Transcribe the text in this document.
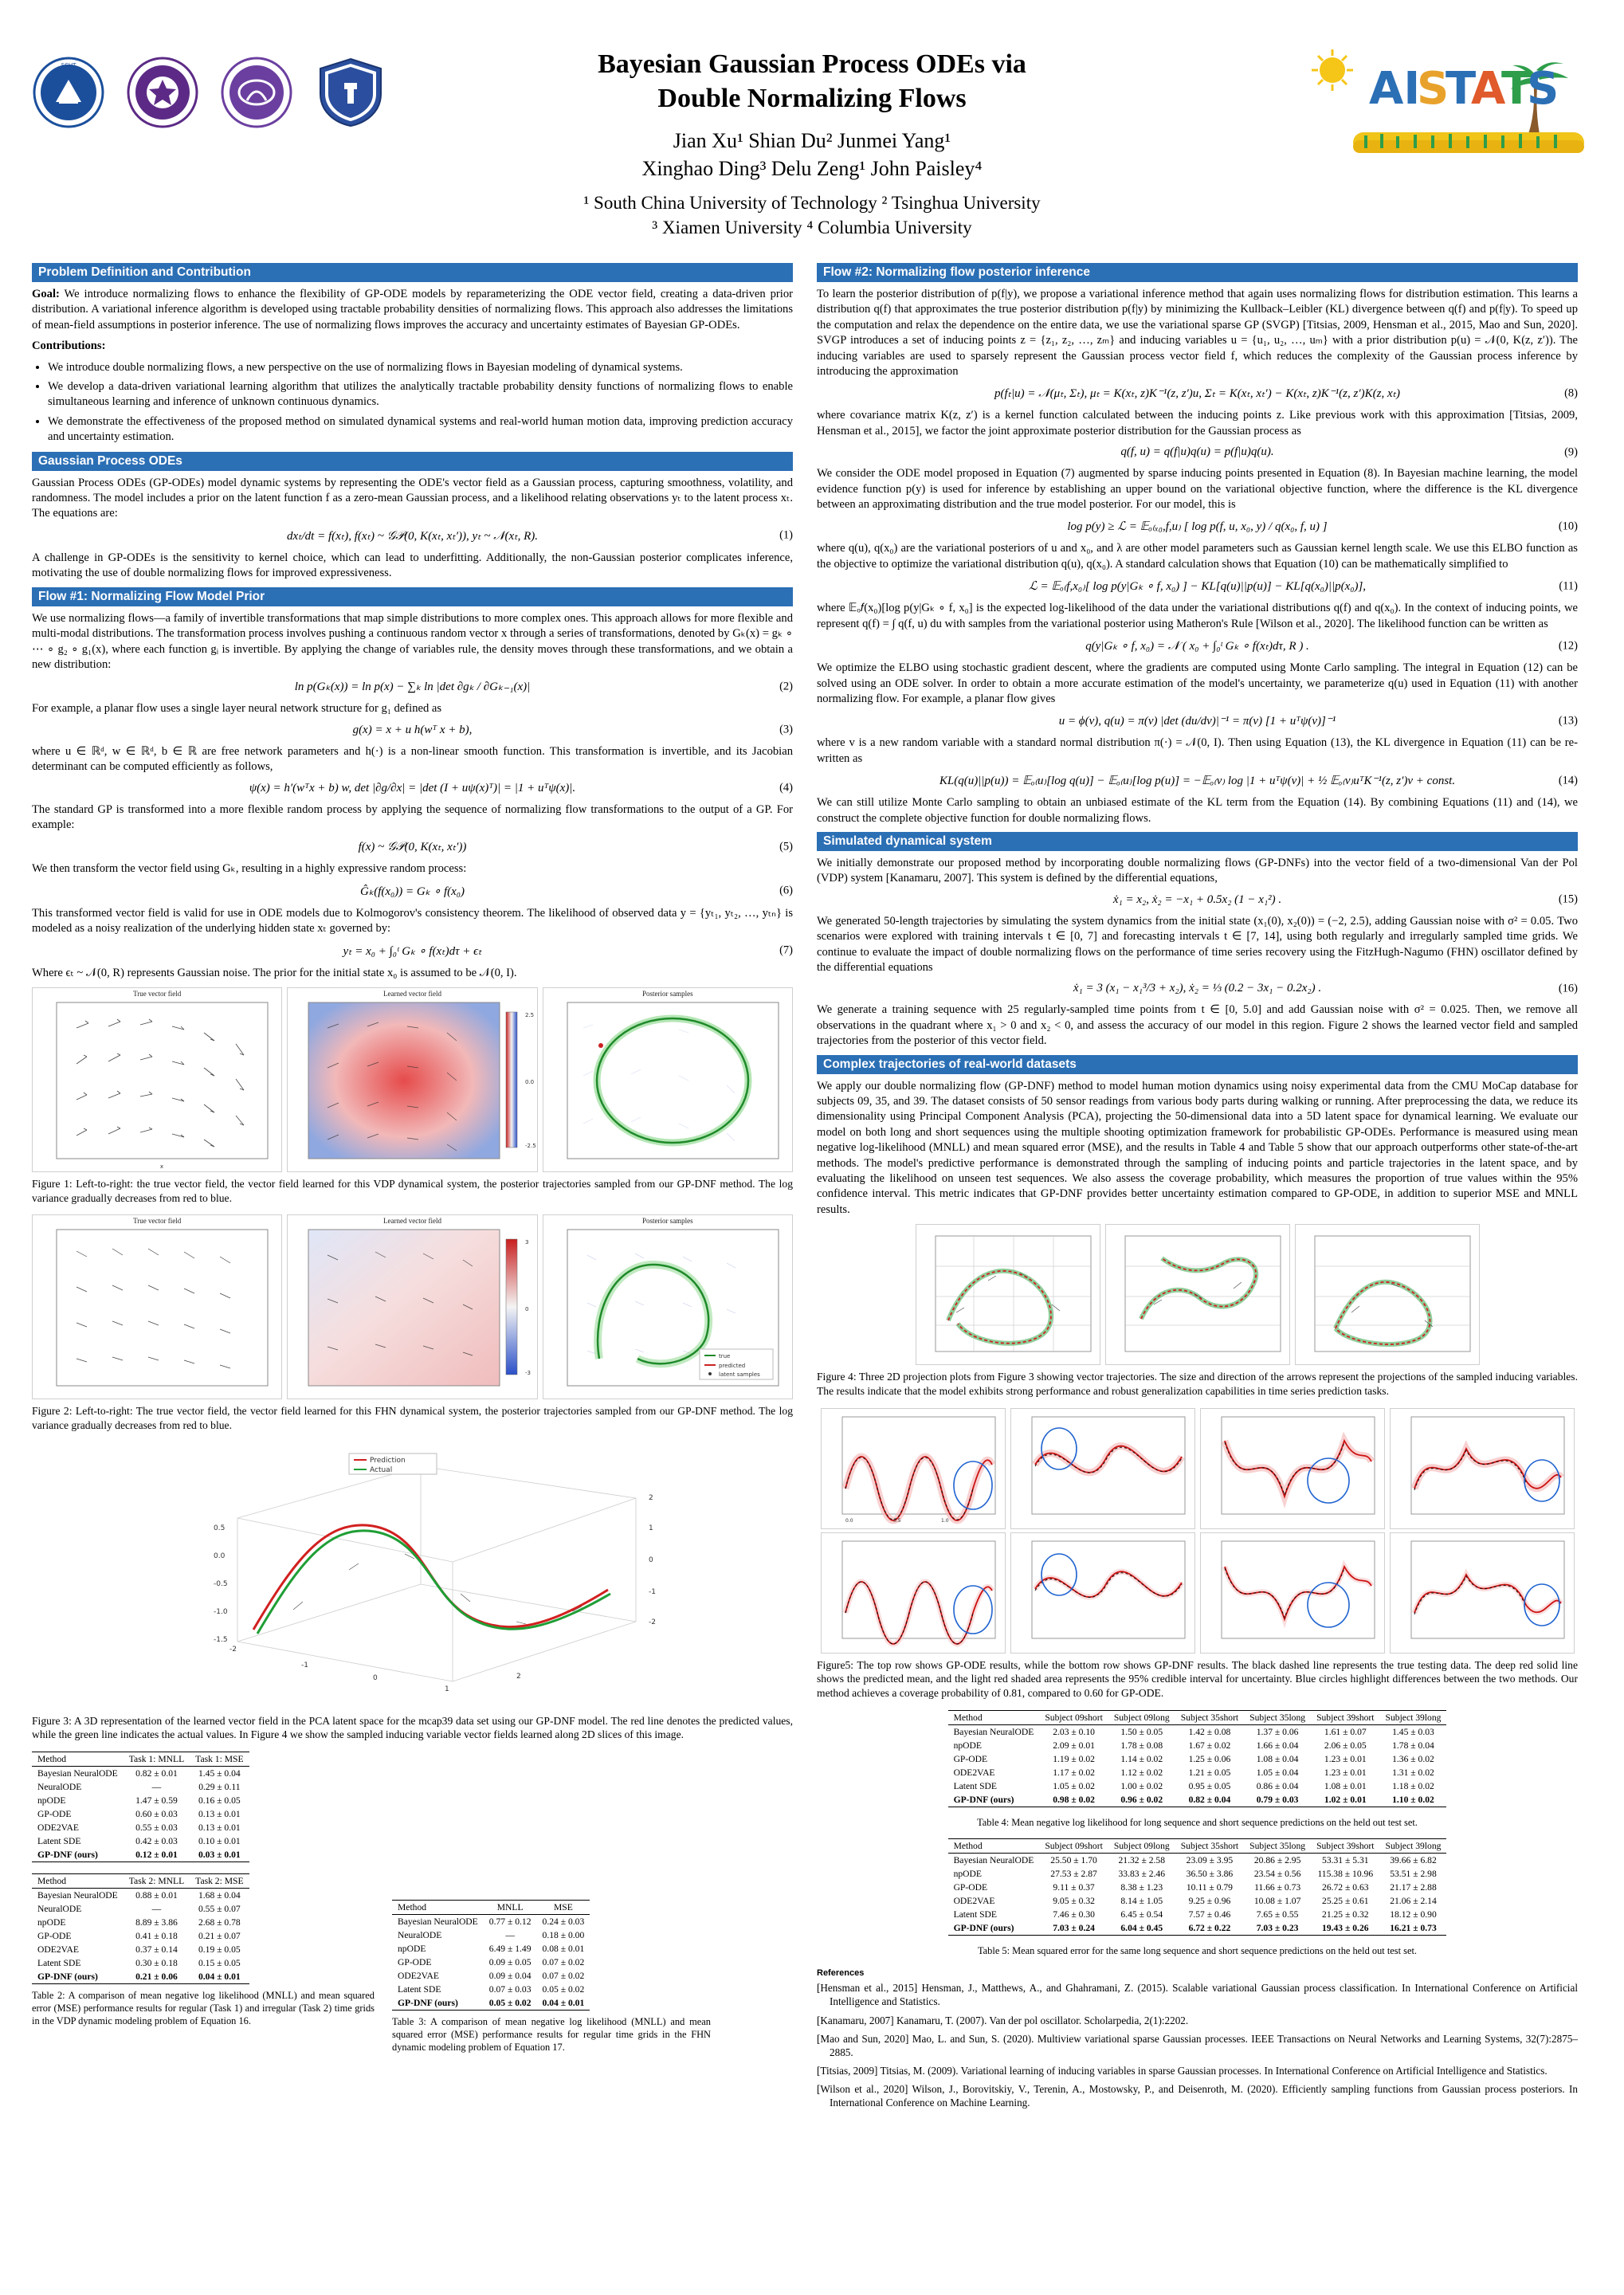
SCUT	Bayesian Gaussian Process ODEs via
Double Normalizing Flows
Jian Xu¹ Shian Du² Junmei Yang¹
Xinghao Ding³ Delu Zeng¹ John Paisley⁴
¹ South China University of Technology ² Tsinghua University
³ Xiamen University ⁴ Columbia University
AI
S
T
A
T
S
Problem Definition and Contribution

Goal: We introduce normalizing flows to enhance the flexibility of GP-ODE models by reparameterizing the ODE vector field, creating a data-driven prior distribution. A variational inference algorithm is developed using tractable probability densities of normalizing flows. This approach also addresses the limitations of mean-field assumptions in posterior inference. The use of normalizing flows improves the accuracy and uncertainty estimates of Bayesian GP-ODEs.

Contributions:

• We introduce double normalizing flows, a new perspective on the use of normalizing flows in Bayesian modeling of dynamical systems.
• We develop a data-driven variational learning algorithm that utilizes the analytically tractable probability density functions of normalizing flows to enable simultaneous learning and inference of unknown continuous dynamics.
• We demonstrate the effectiveness of the proposed method on simulated dynamical systems and real-world human motion data, improving prediction accuracy and uncertainty estimation.
Gaussian Process ODEs

Gaussian Process ODEs (GP-ODEs) model dynamic systems by representing the ODE's vector field as a Gaussian process, capturing smoothness, volatility, and randomness. The model includes a prior on the latent function f as a zero-mean Gaussian process, and a likelihood relating observations yₜ to the latent process xₜ. The equations are:

dxₜ/dt = f(xₜ), f(xₜ) ~ 𝒢𝒫(0, K(xₜ, xₜ′)), yₜ ~ 𝒩(xₜ, R).	(1)

A challenge in GP-ODEs is the sensitivity to kernel choice, which can lead to underfitting. Additionally, the non-Gaussian posterior complicates inference, motivating the use of double normalizing flows for improved expressiveness.

Flow #1: Normalizing Flow Model Prior

We use normalizing flows—a family of invertible transformations that map simple distributions to more complex ones. This approach allows for more flexible and multi-modal distributions. The transformation process involves pushing a continuous random vector x through a series of transformations, denoted by Gₖ(x) = gₖ ∘ ⋯ ∘ g₂ ∘ g₁(x), where each function gᵢ is invertible. By applying the change of variables rule, the density moves through these transformations, and we obtain a new distribution:

ln p(Gₖ(x)) = ln p(x) − ∑ₖ ln |det ∂gₖ / ∂Gₖ₋₁(x)|	(2)

For example, a planar flow uses a single layer neural network structure for g₁ defined as

g(x) = x + u h(wᵀ x + b),	(3)

where u ∈ ℝᵈ, w ∈ ℝᵈ, b ∈ ℝ are free network parameters and h(·) is a non-linear smooth function. This transformation is invertible, and its Jacobian determinant can be computed efficiently as follows,

ψ(x) = h′(wᵀx + b) w, det |∂g/∂x| = |det (I + uψ(x)ᵀ)| = |1 + uᵀψ(x)|.	(4)

The standard GP is transformed into a more flexible random process by applying the sequence of normalizing flow transformations to the output of a GP. For example:

f(x) ~ 𝒢𝒫(0, K(xₜ, xₜ′))	(5)

We then transform the vector field using Gₖ, resulting in a highly expressive random process:

Ĝₖ(f(x₀)) = Gₖ ∘ f(x₀)	(6)

This transformed vector field is valid for use in ODE models due to Kolmogorov's consistency theorem. The likelihood of observed data y = {yₜ₁, yₜ₂, …, yₜₙ} is modeled as a noisy realization of the underlying hidden state xₜ governed by:

yₜ = x₀ + ∫₀ᵗ Gₖ ∘ f(xₜ)dτ + ϵₜ	(7)

Where ϵₜ ~ 𝒩(0, R) represents Gaussian noise. The prior for the initial state x₀ is assumed to be 𝒩(0, I).

True vector field
x
Learned vector field
2.5
0.0
-2.5
Posterior samples

Figure 1: Left-to-right: the true vector field, the vector field learned for this VDP dynamical system, the posterior trajectories sampled from our GP-DNF method. The log variance gradually decreases from red to blue.

True vector field	Learned vector field
3
0
-3
Posterior samples
true
predicted
latent samples

Figure 2: Left-to-right: The true vector field, the vector field learned for this FHN dynamical system, the posterior trajectories sampled from our GP-DNF method. The log variance gradually decreases from red to blue.

-2
-1
0
1
2
-2
-1
0
1
2
-1.5
-1.0
-0.5
0.0
0.5
Prediction
Actual

Figure 3: A 3D representation of the learned vector field in the PCA latent space for the mcap39 data set using our GP-DNF model. The red line denotes the predicted values, while the green line indicates the actual values. In Figure 4 we show the sampled inducing variable vector fields learned along 2D slices of this image.

Method	Task 1: MNLL	Task 1: MSE
Bayesian NeuralODE	0.82 ± 0.01	1.45 ± 0.04
NeuralODE	—	0.29 ± 0.11
npODE	1.47 ± 0.59	0.16 ± 0.05
GP-ODE	0.60 ± 0.03	0.13 ± 0.01
ODE2VAE	0.55 ± 0.03	0.13 ± 0.01
Latent SDE	0.42 ± 0.03	0.10 ± 0.01
GP-DNF (ours)	0.12 ± 0.01	0.03 ± 0.01
Method	Task 2: MNLL	Task 2: MSE
Bayesian NeuralODE	0.88 ± 0.01	1.68 ± 0.04
NeuralODE	—	0.55 ± 0.07
npODE	8.89 ± 3.86	2.68 ± 0.78
GP-ODE	0.41 ± 0.18	0.21 ± 0.07
ODE2VAE	0.37 ± 0.14	0.19 ± 0.05
Latent SDE	0.30 ± 0.18	0.15 ± 0.05
GP-DNF (ours)	0.21 ± 0.06	0.04 ± 0.01

Table 2: A comparison of mean negative log likelihood (MNLL) and mean squared error (MSE) performance results for regular (Task 1) and irregular (Task 2) time grids in the VDP dynamic modeling problem of Equation 16.

Method	MNLL	MSE
Bayesian NeuralODE	0.77 ± 0.12	0.24 ± 0.03
NeuralODE	—	0.18 ± 0.00
npODE	6.49 ± 1.49	0.08 ± 0.01
GP-ODE	0.09 ± 0.05	0.07 ± 0.02
ODE2VAE	0.09 ± 0.04	0.07 ± 0.02
Latent SDE	0.07 ± 0.03	0.05 ± 0.02
GP-DNF (ours)	0.05 ± 0.02	0.04 ± 0.01

Table 3: A comparison of mean negative log likelihood (MNLL) and mean squared error (MSE) performance results for regular time grids in the FHN dynamic modeling problem of Equation 17.

Flow #2: Normalizing flow posterior inference

To learn the posterior distribution of p(f|y), we propose a variational inference method that again uses normalizing flows for distribution estimation. This learns a distribution q(f) that approximates the true posterior distribution p(f|y) by minimizing the Kullback–Leibler (KL) divergence between q(f) and p(f|y). To speed up the computation and relax the dependence on the entire data, we use the variational sparse GP (SVGP) [Titsias, 2009, Hensman et al., 2015, Mao and Sun, 2020]. SVGP introduces a set of inducing points z = {z₁, z₂, …, zₘ} and inducing variables u = {u₁, u₂, …, uₘ} with a prior distribution p(u) = 𝒩(0, K(z, z′)). The inducing variables are used to sparsely represent the Gaussian process vector field f, which reduces the complexity of the Gaussian process inference by introducing the approximation

p(fₜ|u) = 𝒩(μₜ, Σₜ), μₜ = K(xₜ, z)K⁻¹(z, z′)u, Σₜ = K(xₜ, xₜ′) − K(xₜ, z)K⁻¹(z, z′)K(z, xₜ)	(8)

where covariance matrix K(z, z′) is a kernel function calculated between the inducing points z. Like previous work with this approximation [Titsias, 2009, Hensman et al., 2015], we factor the joint approximate posterior distribution for the Gaussian process as

q(f, u) = q(f|u)q(u) = p(f|u)q(u).	(9)

We consider the ODE model proposed in Equation (7) augmented by sparse inducing points presented in Equation (8). In Bayesian machine learning, the model evidence function p(y) is used for inference by establishing an upper bound on the variational objective function, where the difference is the KL divergence between an approximating distribution and the true model posterior. For our model, this is

log p(y) ≥ ℒ = 𝔼ₒ₍ₓ₀,f,u₎ [ log p(f, u, x₀, y) / q(x₀, f, u) ]	(10)

where q(u), q(x₀) are the variational posteriors of u and x₀, and λ are other model parameters such as Gaussian kernel length scale. We use this ELBO function as the objective to optimize the variational distribution q(u), q(x₀). A standard calculation shows that Equation (10) can be mathematically simplified to

ℒ = 𝔼ₒ₍f,x₀₎[ log p(y|Gₖ ∘ f, x₀) ] − KL[q(u)||p(u)] − KL[q(x₀)||p(x₀)],	(11)

where 𝔼ₒ𝑓(x₀)[log p(y|Gₖ ∘ f, x₀] is the expected log-likelihood of the data under the variational distributions q(f) and q(x₀). In the context of inducing points, we represent q(f) = ∫ q(f, u) du with samples from the variational posterior using Matheron's Rule [Wilson et al., 2020]. The likelihood function can be written as

q(y|Gₖ ∘ f, x₀) = 𝒩 ( x₀ + ∫₀ᵗ Gₖ ∘ f(xₜ)dτ, R ) .	(12)

We optimize the ELBO using stochastic gradient descent, where the gradients are computed using Monte Carlo sampling. The integral in Equation (12) can be solved using an ODE solver. In order to obtain a more accurate estimation of the model's uncertainty, we parameterize q(u) used in Equation (11) with another normalizing flow. For example, a planar flow gives

u = ϕ(v), q(u) = π(v) |det (du/dv)|⁻¹ = π(v) [1 + uᵀψ(v)]⁻¹	(13)

where v is a new random variable with a standard normal distribution π(·) = 𝒩(0, I). Then using Equation (13), the KL divergence in Equation (11) can be re-written as

KL(q(u)||p(u)) = 𝔼ₒ₍u₎[log q(u)] − 𝔼ₒ₍u₎[log p(u)] = −𝔼ₒ₍v₎ log |1 + uᵀψ(v)| + ½ 𝔼ₒ₍v₎uᵀK⁻¹(z, z′)v + const.	(14)

We can still utilize Monte Carlo sampling to obtain an unbiased estimate of the KL term from the Equation (14). By combining Equations (11) and (14), we construct the complete objective function for double normalizing flows.

Simulated dynamical system

We initially demonstrate our proposed method by incorporating double normalizing flows (GP-DNFs) into the vector field of a two-dimensional Van der Pol (VDP) system [Kanamaru, 2007]. This system is defined by the differential equations,

ẋ₁ = x₂, ẋ₂ = −x₁ + 0.5x₂ (1 − x₁²) .	(15)

We generated 50-length trajectories by simulating the system dynamics from the initial state (x₁(0), x₂(0)) = (−2, 2.5), adding Gaussian noise with σ² = 0.05. Two scenarios were explored with training intervals t ∈ [0, 7] and forecasting intervals t ∈ [7, 14], using both regularly and irregularly sampled time grids. We continue to evaluate the impact of double normalizing flows on the performance of time series recovery using the FitzHugh-Nagumo (FHN) oscillator defined by the differential equations

ẋ₁ = 3 (x₁ − x₁³/3 + x₂), ẋ₂ = ⅓ (0.2 − 3x₁ − 0.2x₂) .	(16)

We generate a training sequence with 25 regularly-sampled time points from t ∈ [0, 5.0] and add Gaussian noise with σ² = 0.025. Then, we remove all observations in the quadrant where x₁ > 0 and x₂ < 0, and assess the accuracy of our model in this region. Figure 2 shows the learned vector field and sampled trajectories from the posterior of this vector field.

Complex trajectories of real-world datasets

We apply our double normalizing flow (GP-DNF) method to model human motion dynamics using noisy experimental data from the CMU MoCap database for subjects 09, 35, and 39. The dataset consists of 50 sensor readings from various body parts during walking or running. After preprocessing the data, we reduce its dimensionality using Principal Component Analysis (PCA), projecting the 50-dimensional data into a 5D latent space for dynamical learning. We evaluate our model on both long and short sequences using the multiple shooting optimization framework for probabilistic GP-ODEs. Performance is measured using mean negative log-likelihood (MNLL) and mean squared error (MSE), and the results in Table 4 and Table 5 show that our approach outperforms other state-of-the-art methods. The model's predictive performance is demonstrated through the sampling of inducing points and particle trajectories in the latent space, and by evaluating the likelihood on unseen test sequences. We also assess the coverage probability, which measures the proportion of true values within the 95% confidence interval. This metric indicates that GP-DNF provides better uncertainty estimation compared to GP-ODE, in addition to superior MSE and MNLL results.

Figure 4: Three 2D projection plots from Figure 3 showing vector trajectories. The size and direction of the arrows represent the projections of the sampled inducing variables. The results indicate that the model exhibits strong performance and robust generalization capabilities in time series prediction tasks.

0.0	0.5	1.0

Figure5: The top row shows GP-ODE results, while the bottom row shows GP-DNF results. The black dashed line represents the true testing data. The deep red solid line shows the predicted mean, and the light red shaded area represents the 95% credible interval for uncertainty. Blue circles highlight differences between the two methods. Our method achieves a coverage probability of 0.81, compared to 0.60 for GP-ODE.

Method	Subject 09short	Subject 09long	Subject 35short	Subject 35long	Subject 39short	Subject 39long
Bayesian NeuralODE	2.03 ± 0.10	1.50 ± 0.05	1.42 ± 0.08	1.37 ± 0.06	1.61 ± 0.07	1.45 ± 0.03
npODE	2.09 ± 0.01	1.78 ± 0.08	1.67 ± 0.02	1.66 ± 0.04	2.06 ± 0.05	1.78 ± 0.04
GP-ODE	1.19 ± 0.02	1.14 ± 0.02	1.25 ± 0.06	1.08 ± 0.04	1.23 ± 0.01	1.36 ± 0.02
ODE2VAE	1.17 ± 0.02	1.12 ± 0.02	1.21 ± 0.05	1.05 ± 0.04	1.23 ± 0.01	1.31 ± 0.02
Latent SDE	1.05 ± 0.02	1.00 ± 0.02	0.95 ± 0.05	0.86 ± 0.04	1.08 ± 0.01	1.18 ± 0.02
GP-DNF (ours)	0.98 ± 0.02	0.96 ± 0.02	0.82 ± 0.04	0.79 ± 0.03	1.02 ± 0.01	1.10 ± 0.02

Table 4: Mean negative log likelihood for long sequence and short sequence predictions on the held out test set.

Method	Subject 09short	Subject 09long	Subject 35short	Subject 35long	Subject 39short	Subject 39long
Bayesian NeuralODE	25.50 ± 1.70	21.32 ± 2.58	23.09 ± 3.95	20.86 ± 2.95	53.31 ± 5.31	39.66 ± 6.82
npODE	27.53 ± 2.87	33.83 ± 2.46	36.50 ± 3.86	23.54 ± 0.56	115.38 ± 10.96	53.51 ± 2.98
GP-ODE	9.11 ± 0.37	8.38 ± 1.23	10.11 ± 0.79	11.66 ± 0.73	26.72 ± 0.63	21.17 ± 2.88
ODE2VAE	9.05 ± 0.32	8.14 ± 1.05	9.25 ± 0.96	10.08 ± 1.07	25.25 ± 0.61	21.06 ± 2.14
Latent SDE	7.46 ± 0.30	6.45 ± 0.54	7.57 ± 0.46	7.65 ± 0.55	21.25 ± 0.32	18.12 ± 0.90
GP-DNF (ours)	7.03 ± 0.24	6.04 ± 0.45	6.72 ± 0.22	7.03 ± 0.23	19.43 ± 0.26	16.21 ± 0.73

Table 5: Mean squared error for the same long sequence and short sequence predictions on the held out test set.

References

[Hensman et al., 2015] Hensman, J., Matthews, A., and Ghahramani, Z. (2015). Scalable variational Gaussian process classification. In International Conference on Artificial Intelligence and Statistics.

[Kanamaru, 2007] Kanamaru, T. (2007). Van der pol oscillator. Scholarpedia, 2(1):2202.

[Mao and Sun, 2020] Mao, L. and Sun, S. (2020). Multiview variational sparse Gaussian processes. IEEE Transactions on Neural Networks and Learning Systems, 32(7):2875–2885.

[Titsias, 2009] Titsias, M. (2009). Variational learning of inducing variables in sparse Gaussian processes. In International Conference on Artificial Intelligence and Statistics.

[Wilson et al., 2020] Wilson, J., Borovitskiy, V., Terenin, A., Mostowsky, P., and Deisenroth, M. (2020). Efficiently sampling functions from Gaussian process posteriors. In International Conference on Machine Learning.
